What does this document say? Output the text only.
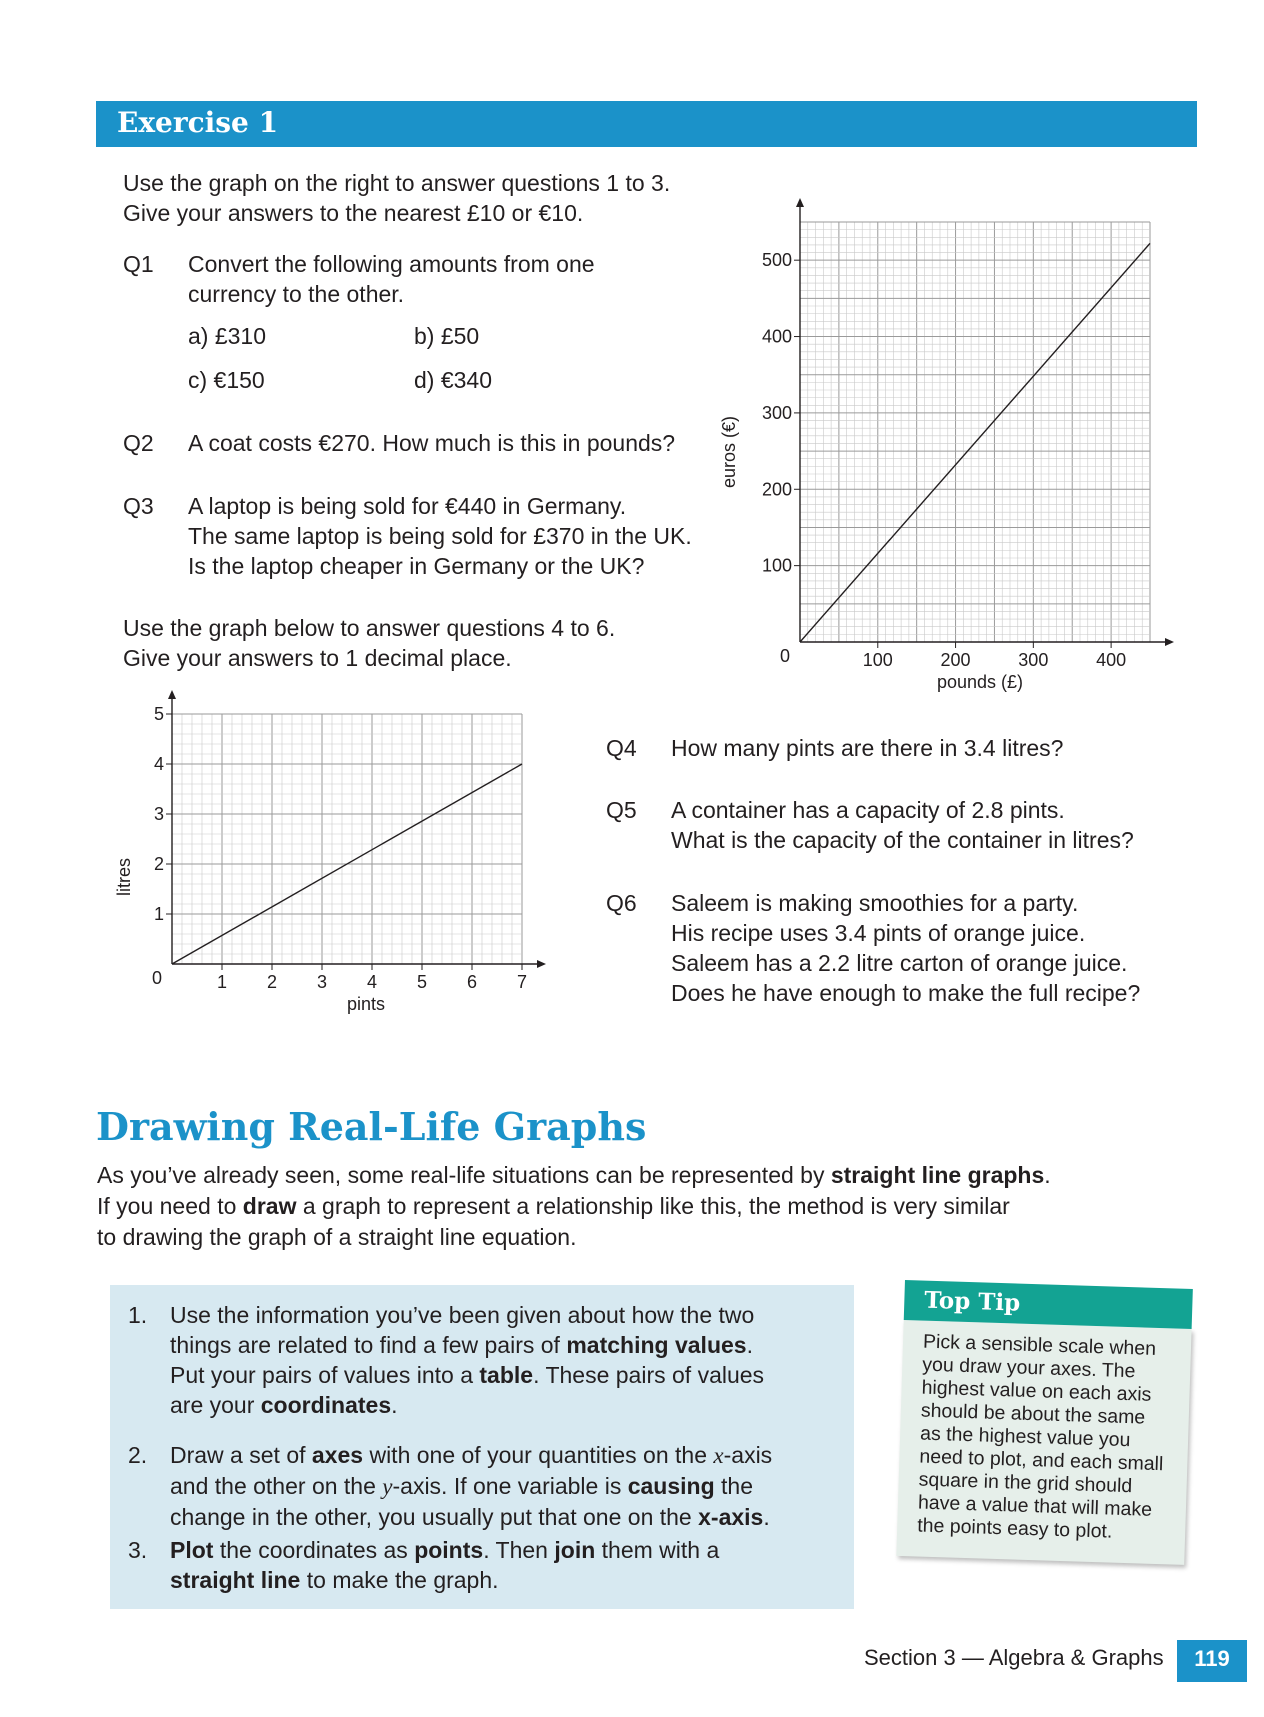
Exercise 1
Use the graph on the right to answer questions 1 to 3.
Give your answers to the nearest £10 or €10.
Q1 Convert the following amounts from one
currency to the other.
a) £310	b) £50
c) €150	d) €340
Q2 A coat costs €270. How much is this in pounds?
Q3 A laptop is being sold for €440 in Germany.
The same laptop is being sold for £370 in the UK.
Is the laptop cheaper in Germany or the UK?
Use the graph below to answer questions 4 to 6.
Give your answers to 1 decimal place.
Q4 How many pints are there in 3.4 litres?
Q5 A container has a capacity of 2.8 pints.
What is the capacity of the container in litres?
Q6 Saleem is making smoothies for a party.
His recipe uses 3.4 pints of orange juice.
Saleem has a 2.2 litre carton of orange juice.
Does he have enough to make the full recipe?
100	200	300	400
100
200
300
400
500
0
pounds (£)
euros (€)
1 2 3 4 5 6 7
1
2
3
4
5
0
pints
litres
Drawing Real-Life Graphs
As you’ve already seen, some real-life situations can be represented by straight line graphs.
If you need to draw a graph to represent a relationship like this, the method is very similar
to drawing the graph of a straight line equation.
1. Use the information you’ve been given about how the two
things are related to find a few pairs of matching values.
Put your pairs of values into a table. These pairs of values
are your coordinates.
2. Draw a set of axes with one of your quantities on the x-axis
and the other on the y-axis. If one variable is causing the
change in the other, you usually put that one on the x-axis.
3. Plot the coordinates as points. Then join them with a
straight line to make the graph.
Pick a sensible scale when
you draw your axes. The
highest value on each axis
should be about the same
as the highest value you
need to plot, and each small
square in the grid should
have a value that will make
the points easy to plot.
Top Tip
Section 3 — Algebra & Graphs	119
